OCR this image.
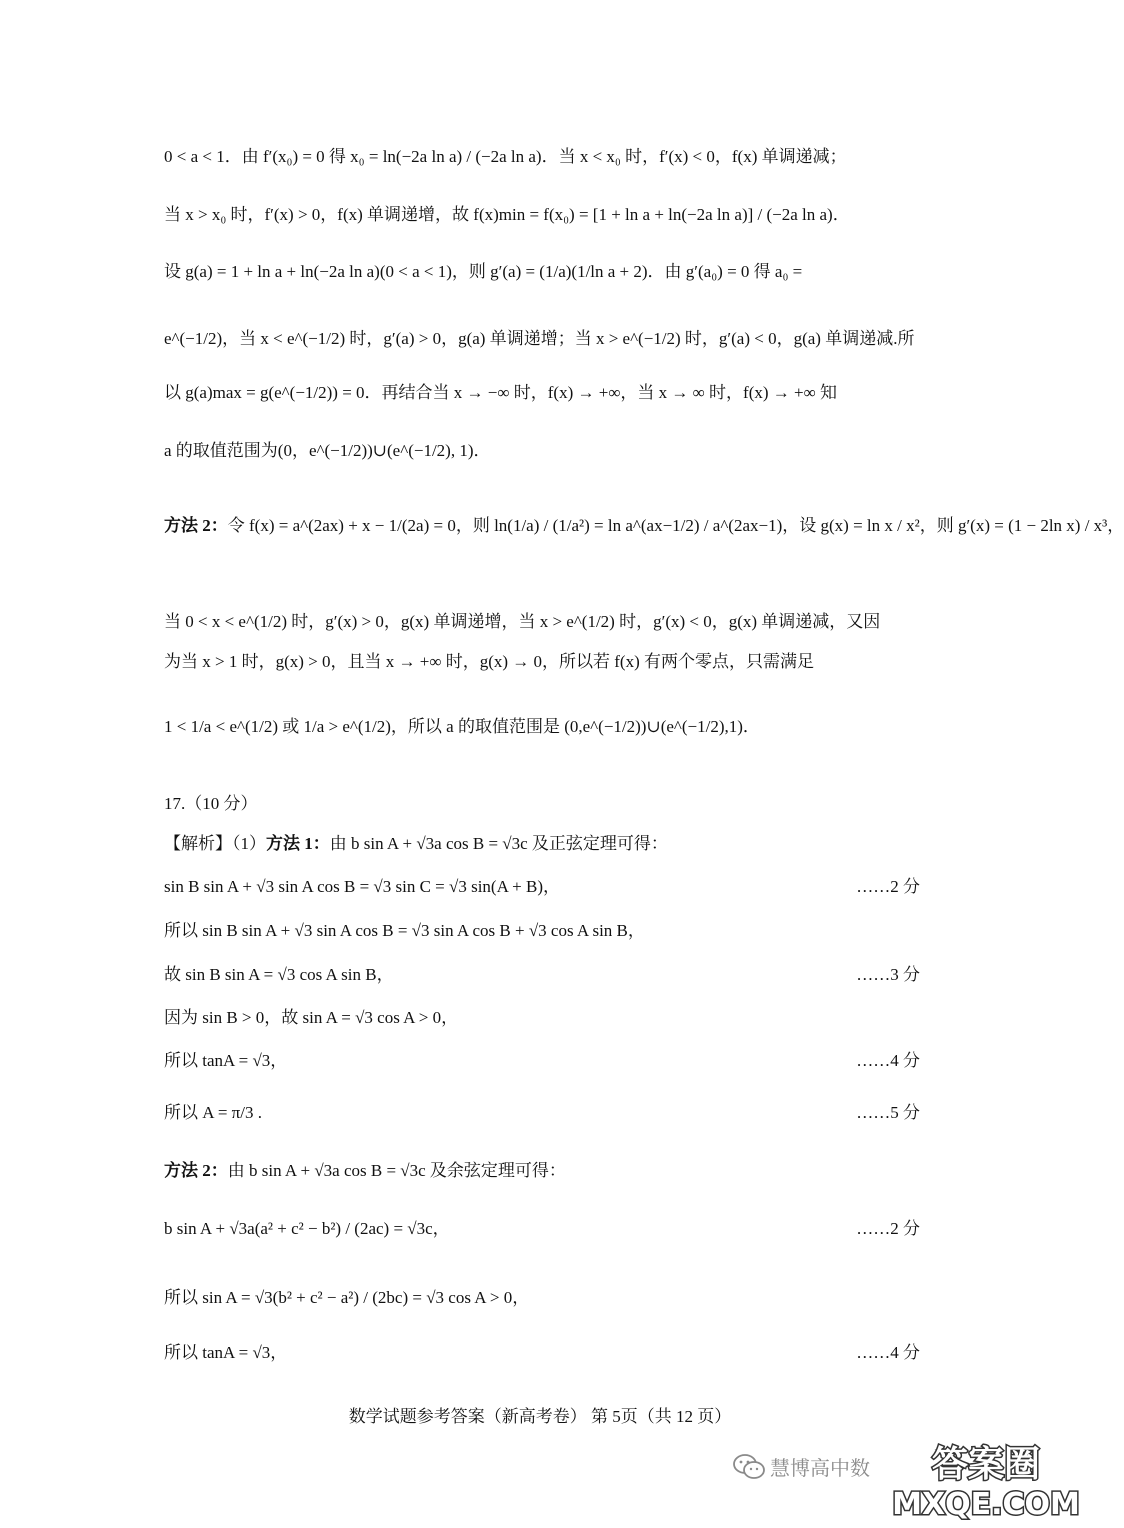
0 < a < 1．由 f′(x₀) = 0 得 x₀ = ln(−2a ln a) / (−2a ln a)．当 x < x₀ 时，f′(x) < 0，f(x) 单调递减；
当 x > x₀ 时，f′(x) > 0，f(x) 单调递增，故 f(x)min = f(x₀) = [1 + ln a + ln(−2a ln a)] / (−2a ln a)．
设 g(a) = 1 + ln a + ln(−2a ln a)(0 < a < 1)，则 g′(a) = (1/a)(1/ln a + 2)．由 g′(a₀) = 0 得 a₀ =
e^(−1/2)，当 x < e^(−1/2) 时，g′(a) > 0，g(a) 单调递增；当 x > e^(−1/2) 时，g′(a) < 0，g(a) 单调递减.所
以 g(a)max = g(e^(−1/2)) = 0．再结合当 x → −∞ 时，f(x) → +∞，当 x → ∞ 时，f(x) → +∞ 知
a 的取值范围为(0，e^(−1/2))∪(e^(−1/2), 1)．
方法 2：令 f(x) = a^(2ax) + x − 1/(2a) = 0，则 ln(1/a) / (1/a²) = ln a^(ax−1/2) / a^(2ax−1)，设 g(x) = ln x / x²，则 g′(x) = (1 − 2ln x) / x³，
当 0 < x < e^(1/2) 时，g′(x) > 0，g(x) 单调递增，当 x > e^(1/2) 时，g′(x) < 0，g(x) 单调递减，又因
为当 x > 1 时，g(x) > 0，且当 x → +∞ 时，g(x) → 0，所以若 f(x) 有两个零点，只需满足
1 < 1/a < e^(1/2) 或 1/a > e^(1/2)，所以 a 的取值范围是 (0,e^(−1/2))∪(e^(−1/2),1)．
17.（10 分）
【解析】（1）方法 1：由 b sin A + √3a cos B = √3c 及正弦定理可得：
sin B sin A + √3 sin A cos B = √3 sin C = √3 sin(A + B)，	……2 分
所以 sin B sin A + √3 sin A cos B = √3 sin A cos B + √3 cos A sin B，
故 sin B sin A = √3 cos A sin B，	……3 分
因为 sin B > 0，故 sin A = √3 cos A > 0，
所以 tanA = √3，	……4 分
所以 A = π/3 .	……5 分
方法 2：由 b sin A + √3a cos B = √3c 及余弦定理可得：
b sin A + √3a(a² + c² − b²) / (2ac) = √3c，	……2 分
所以 sin A = √3(b² + c² − a²) / (2bc) = √3 cos A > 0，
所以 tanA = √3，	……4 分
数学试题参考答案（新高考卷） 第 5页（共 12 页）
慧博高中数	答案圈
MXQE.COM
